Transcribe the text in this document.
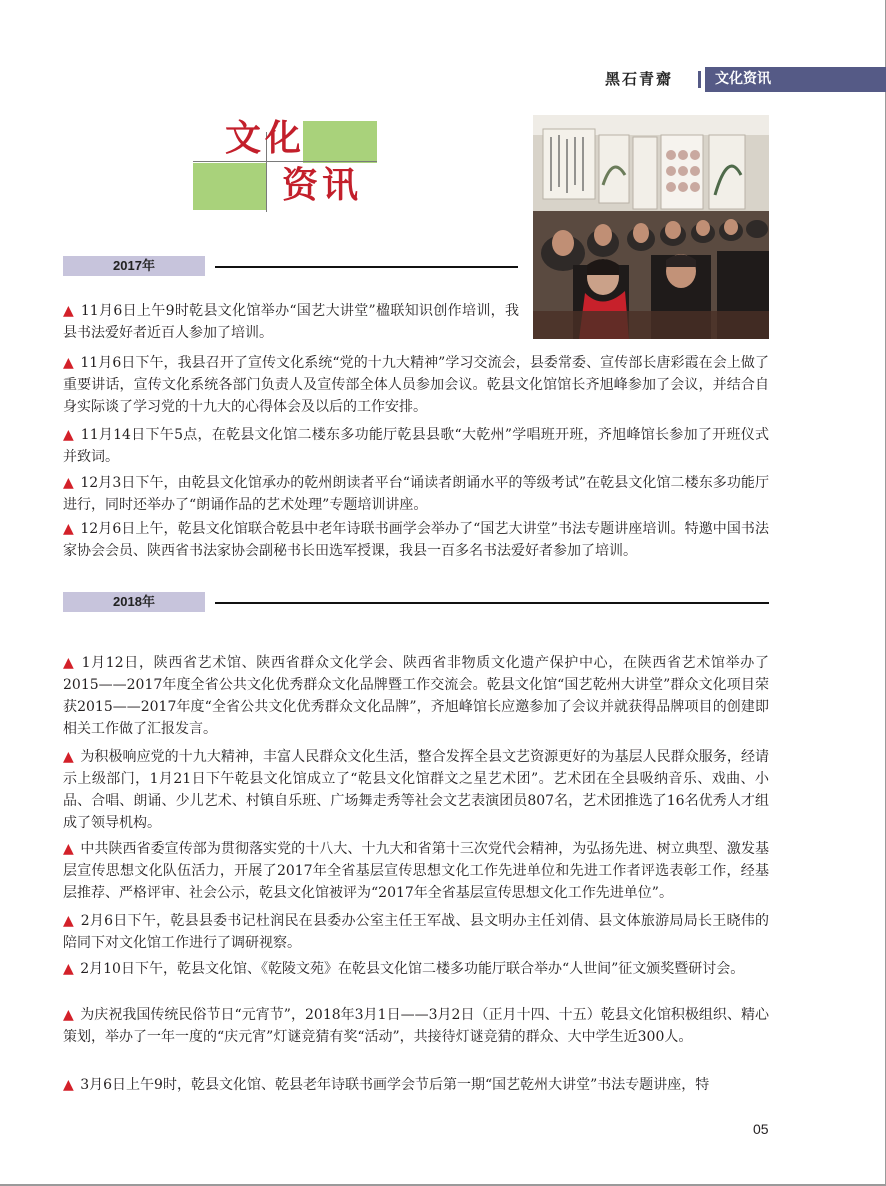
黑石青齋	文化资讯
文化
资讯
2017年

▲ 11月6日上午9时乾县文化馆举办“国艺大讲堂”楹联知识创作培训，我县书法爱好者近百人参加了培训。

▲ 11月6日下午，我县召开了宣传文化系统“党的十九大精神”学习交流会，县委常委、宣传部长唐彩霞在会上做了重要讲话，宣传文化系统各部门负责人及宣传部全体人员参加会议。乾县文化馆馆长齐旭峰参加了会议，并结合自身实际谈了学习党的十九大的心得体会及以后的工作安排。

▲ 11月14日下午5点，在乾县文化馆二楼东多功能厅乾县县歌“大乾州”学唱班开班，齐旭峰馆长参加了开班仪式并致词。

▲ 12月3日下午，由乾县文化馆承办的乾州朗读者平台“诵读者朗诵水平的等级考试”在乾县文化馆二楼东多功能厅进行，同时还举办了“朗诵作品的艺术处理”专题培训讲座。

▲ 12月6日上午，乾县文化馆联合乾县中老年诗联书画学会举办了“国艺大讲堂”书法专题讲座培训。特邀中国书法家协会会员、陕西省书法家协会副秘书长田选军授课，我县一百多名书法爱好者参加了培训。

2018年

▲ 1月12日，陕西省艺术馆、陕西省群众文化学会、陕西省非物质文化遗产保护中心，在陕西省艺术馆举办了2015——2017年度全省公共文化优秀群众文化品牌暨工作交流会。乾县文化馆“国艺乾州大讲堂”群众文化项目荣获2015——2017年度“全省公共文化优秀群众文化品牌”，齐旭峰馆长应邀参加了会议并就获得品牌项目的创建即相关工作做了汇报发言。

▲ 为积极响应党的十九大精神，丰富人民群众文化生活，整合发挥全县文艺资源更好的为基层人民群众服务，经请示上级部门，1月21日下午乾县文化馆成立了“乾县文化馆群文之星艺术团”。艺术团在全县吸纳音乐、戏曲、小品、合唱、朗诵、少儿艺术、村镇自乐班、广场舞走秀等社会文艺表演团员807名，艺术团推选了16名优秀人才组成了领导机构。

▲ 中共陕西省委宣传部为贯彻落实党的十八大、十九大和省第十三次党代会精神，为弘扬先进、树立典型、激发基层宣传思想文化队伍活力，开展了2017年全省基层宣传思想文化工作先进单位和先进工作者评选表彰工作，经基层推荐、严格评审、社会公示，乾县文化馆被评为“2017年全省基层宣传思想文化工作先进单位”。

▲ 2月6日下午，乾县县委书记杜润民在县委办公室主任王军战、县文明办主任刘倩、县文体旅游局局长王晓伟的陪同下对文化馆工作进行了调研视察。

▲ 2月10日下午，乾县文化馆、《乾陵文苑》在乾县文化馆二楼多功能厅联合举办“人世间”征文颁奖暨研讨会。

▲ 为庆祝我国传统民俗节日“元宵节”，2018年3月1日——3月2日（正月十四、十五）乾县文化馆积极组织、精心策划，举办了一年一度的“庆元宵”灯谜竞猜有奖“活动”，共接待灯谜竞猜的群众、大中学生近300人。

▲ 3月6日上午9时，乾县文化馆、乾县老年诗联书画学会节后第一期“国艺乾州大讲堂”书法专题讲座，特

05
